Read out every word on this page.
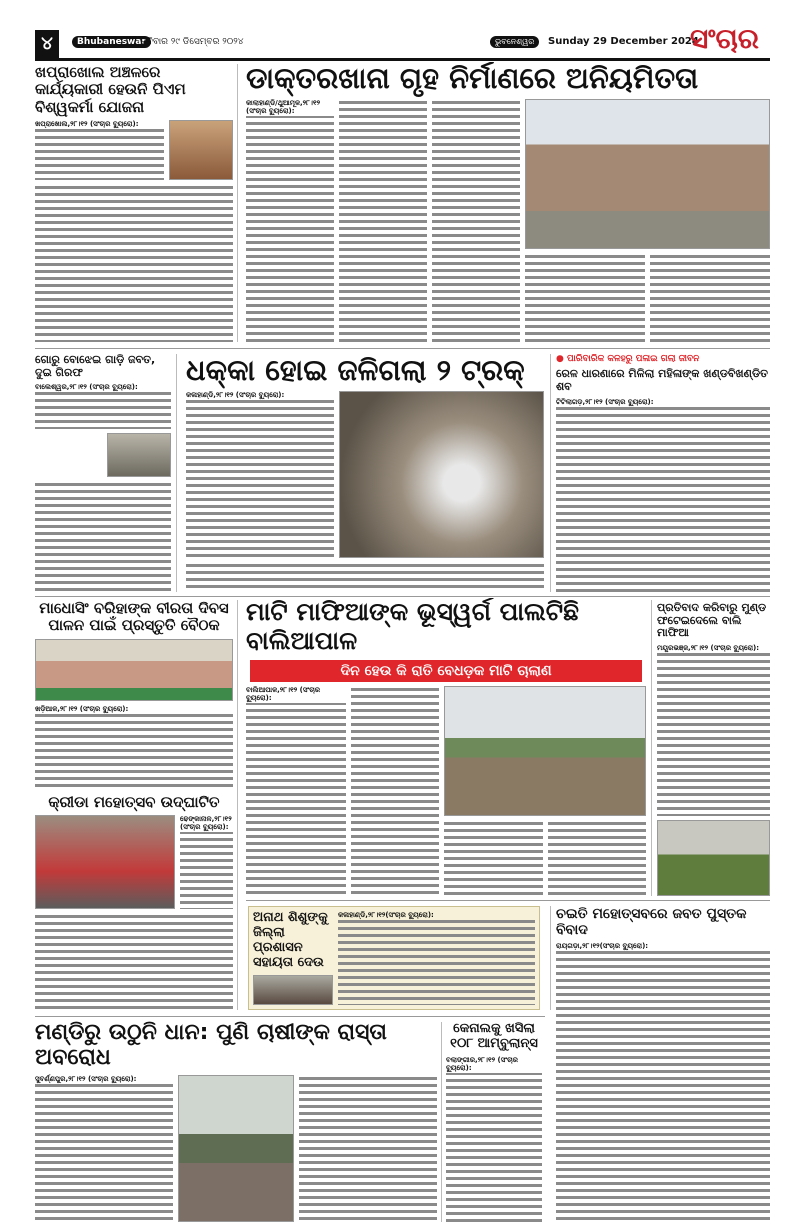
୪	Bhubaneswar
ରବିବାର ୨୯ ଡିସେମ୍ବର ୨୦୨୪	ଭୁବନେଶ୍ୱର	Sunday 29 December 2024
ସଂଚାର
ଖପ୍ରାଖୋଲ ଅଞ୍ଚଳରେ କାର୍ଯ୍ୟକାରୀ ହେଉନି ପିଏମ ବିଶ୍ୱକର୍ମା ଯୋଜନା
ଖପ୍ରାଖୋଲ,୨୮।୧୨ (ସଂଚାର ବ୍ୟୁରୋ):
ଡାକ୍ତରଖାନା ଗୃହ ନିର୍ମାଣରେ ଅନିୟମିତତା
କାଲାହାଣ୍ଡି/ଥୁଆମୂଳ,୨୮।୧୨ (ସଂଚାର ବ୍ୟୁରୋ):
ଗୋରୁ ବୋଝେଇ ଗାଡ଼ି ଜବତ, ଦୁଇ ଗିରଫ
ବାଲେଶ୍ୱର,୨୮।୧୨ (ସଂଚାର ବ୍ୟୁରୋ):
ଧକ୍କା ହୋଇ ଜଳିଗଲା ୨ ଟ୍ରକ୍
କଳାହାଣ୍ଡି,୨୮।୧୨ (ସଂଚାର ବ୍ୟୁରୋ):
● ପାରିବାରିକ କଳହରୁ ପଳାଇ ଗଲା ଜୀବନ
ରେଳ ଧାରଣାରେ ମିଳିଲା ମହିଳାଙ୍କ ଖଣ୍ଡବିଖଣ୍ଡିତ ଶବ
ଟିଟିଲାଗଡ଼,୨୮।୧୨ (ସଂଚାର ବ୍ୟୁରୋ):
ମାଧୋସିଂ ବରିହାଙ୍କ ବୀରତା ଦିବସ ପାଳନ ପାଇଁ ପ୍ରସ୍ତୁତି ବୈଠକ
ଖଡ଼ିଆଳ,୨୮।୧୨ (ସଂଚାର ବ୍ୟୁରୋ):
କ୍ରୀଡା ମହୋତ୍ସବ ଉଦ୍‌ଘାଟିତ
ଢେଙ୍କାନାଳ,୨୮।୧୨ (ସଂଚାର ବ୍ୟୁରୋ):
ମାଟି ମାଫିଆଙ୍କ ଭୂସ୍ୱର୍ଗ ପାଲଟିଛି ବାଲିଆପାଳ
ଦିନ ହେଉ କି ରାତି ବେଧଡ଼କ ମାଟି ଚାଲାଣ
ବାଲିଆପାଳ,୨୮।୧୨ (ସଂଚାର ବ୍ୟୁରୋ):
ପ୍ରତିବାଦ କରିବାରୁ ମୁଣ୍ଡ ଫଟେଇଦେଲେ ବାଲି ମାଫିଆ
ମୟୂରଭଞ୍ଜ,୨୮।୧୨ (ସଂଚାର ବ୍ୟୁରୋ):
ଅନାଥ ଶିଶୁଙ୍କୁ ଜିଲ୍ଲା ପ୍ରଶାସନ ସହାୟତା ଦେଉ
କଳାହାଣ୍ଡି,୨୮।୧୨(ସଂଚାର ବ୍ୟୁରୋ):	ଚଇତି ମହୋତ୍ସବରେ ଜବତ ପୁସ୍ତକ ବିବାଦ
ରାୟଗଡ଼ା,୨୮।୧୨(ସଂଚାର ବ୍ୟୁରୋ):
ମଣ୍ଡିରୁ ଉଠୁନି ଧାନ: ପୁଣି ଚାଷୀଙ୍କ ରାସ୍ତା ଅବରୋଧ
ସୁବର୍ଣ୍ଣପୁର,୨୮।୧୨ (ସଂଚାର ବ୍ୟୁରୋ):
କେନାଲକୁ ଖସିଲା ୧୦୮ ଆମ୍ବୁଲାନ୍ସ
ବଲାଙ୍ଗୀର,୨୮।୧୨ (ସଂଚାର ବ୍ୟୁରୋ):
